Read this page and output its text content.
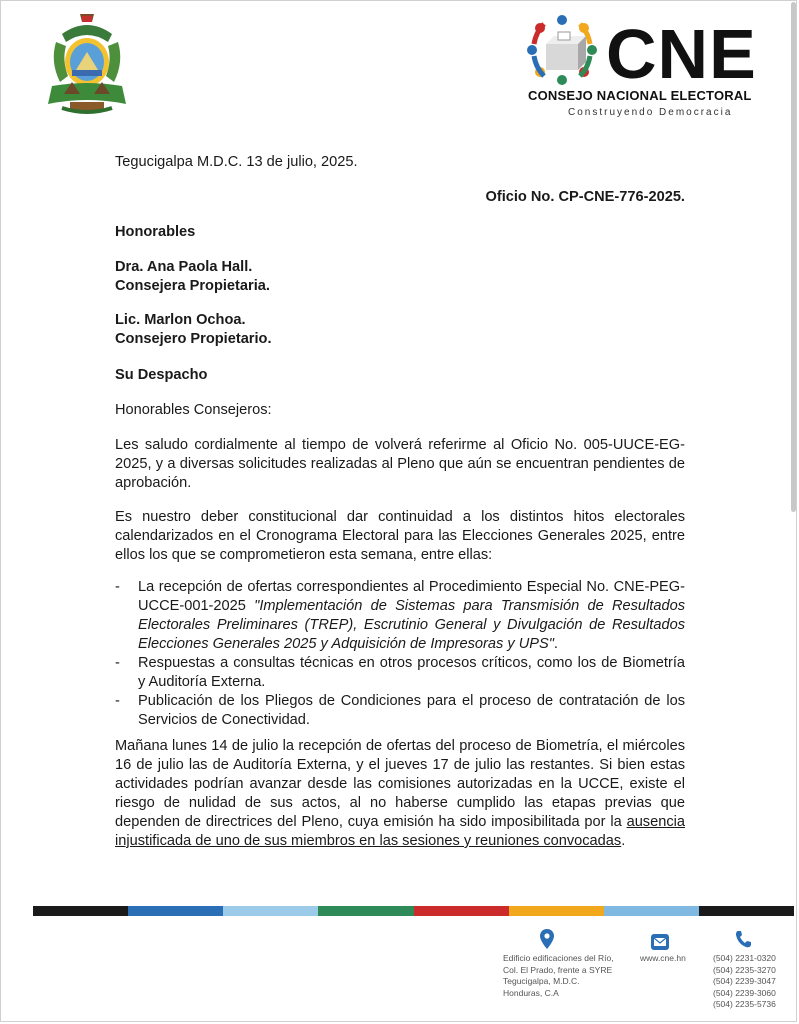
CNE
CONSEJO NACIONAL ELECTORAL
Construyendo Democracia
Tegucigalpa M.D.C. 13 de julio, 2025.
Oficio No. CP-CNE-776-2025.
Honorables
Dra. Ana Paola Hall.
Consejera Propietaria.
Lic. Marlon Ochoa.
Consejero Propietario.
Su Despacho
Honorables Consejeros:
Les saludo cordialmente al tiempo de volverá referirme al Oficio No. 005-UUCE-EG-2025, y a diversas solicitudes realizadas al Pleno que aún se encuentran pendientes de aprobación.
Es nuestro deber constitucional dar continuidad a los distintos hitos electorales calendarizados en el Cronograma Electoral para las Elecciones Generales 2025, entre ellos los que se comprometieron esta semana, entre ellas:
- La recepción de ofertas correspondientes al Procedimiento Especial No. CNE-PEG-UCCE-001-2025 "Implementación de Sistemas para Transmisión de Resultados Electorales Preliminares (TREP), Escrutinio General y Divulgación de Resultados Elecciones Generales 2025 y Adquisición de Impresoras y UPS".
- Respuestas a consultas técnicas en otros procesos críticos, como los de Biometría y Auditoría Externa.
- Publicación de los Pliegos de Condiciones para el proceso de contratación de los Servicios de Conectividad.
Mañana lunes 14 de julio la recepción de ofertas del proceso de Biometría, el miércoles 16 de julio las de Auditoría Externa, y el jueves 17 de julio las restantes. Si bien estas actividades podrían avanzar desde las comisiones autorizadas en la UCCE, existe el riesgo de nulidad de sus actos, al no haberse cumplido las etapas previas que dependen de directrices del Pleno, cuya emisión ha sido imposibilitada por la ausencia injustificada de uno de sus miembros en las sesiones y reuniones convocadas.
Edificio edificaciones del Río,
Col. El Prado, frente a SYRE
Tegucigalpa, M.D.C.
Honduras, C.A
www.cne.hn	(504) 2231-0320
(504) 2235-3270
(504) 2239-3047
(504) 2239-3060
(504) 2235-5736
